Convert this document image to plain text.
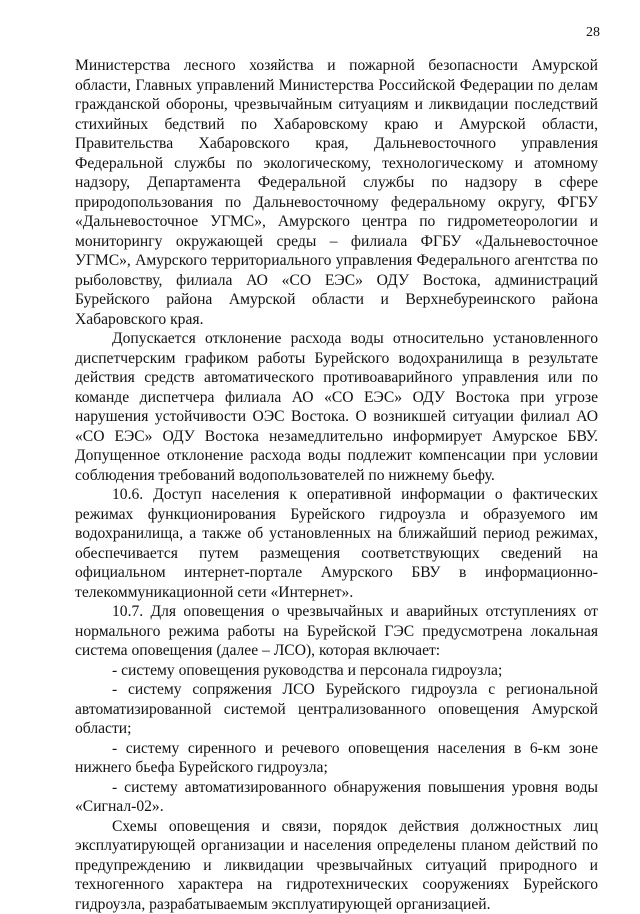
28

Министерства лесного хозяйства и пожарной безопасности Амурской области, Главных управлений Министерства Российской Федерации по делам гражданской обороны, чрезвычайным ситуациям и ликвидации последствий стихийных бедствий по Хабаровскому краю и Амурской области, Правительства Хабаровского края, Дальневосточного управления Федеральной службы по экологическому, технологическому и атомному надзору, Департамента Федеральной службы по надзору в сфере природопользования по Дальневосточному федеральному округу, ФГБУ «Дальневосточное УГМС», Амурского центра по гидрометеорологии и мониторингу окружающей среды – филиала ФГБУ «Дальневосточное УГМС», Амурского территориального управления Федерального агентства по рыболовству, филиала АО «СО ЕЭС» ОДУ Востока, администраций Бурейского района Амурской области и Верхнебуреинского района Хабаровского края.

Допускается отклонение расхода воды относительно установленного диспетчерским графиком работы Бурейского водохранилища в результате действия средств автоматического противоаварийного управления или по команде диспетчера филиала АО «СО ЕЭС» ОДУ Востока при угрозе нарушения устойчивости ОЭС Востока. О возникшей ситуации филиал АО «СО ЕЭС» ОДУ Востока незамедлительно информирует Амурское БВУ. Допущенное отклонение расхода воды подлежит компенсации при условии соблюдения требований водопользователей по нижнему бьефу.

10.6. Доступ населения к оперативной информации о фактических режимах функционирования Бурейского гидроузла и образуемого им водохранилища, а также об установленных на ближайший период режимах, обеспечивается путем размещения соответствующих сведений на официальном интернет-портале Амурского БВУ в информационно-телекоммуникационной сети «Интернет».

10.7. Для оповещения о чрезвычайных и аварийных отступлениях от нормального режима работы на Бурейской ГЭС предусмотрена локальная система оповещения (далее – ЛСО), которая включает:

- систему оповещения руководства и персонала гидроузла;

- систему сопряжения ЛСО Бурейского гидроузла с региональной автоматизированной системой централизованного оповещения Амурской области;

- систему сиренного и речевого оповещения населения в 6-км зоне нижнего бьефа Бурейского гидроузла;

- систему автоматизированного обнаружения повышения уровня воды «Сигнал-02».

Схемы оповещения и связи, порядок действия должностных лиц эксплуатирующей организации и населения определены планом действий по предупреждению и ликвидации чрезвычайных ситуаций природного и техногенного характера на гидротехнических сооружениях Бурейского гидроузла, разрабатываемым эксплуатирующей организацией.
